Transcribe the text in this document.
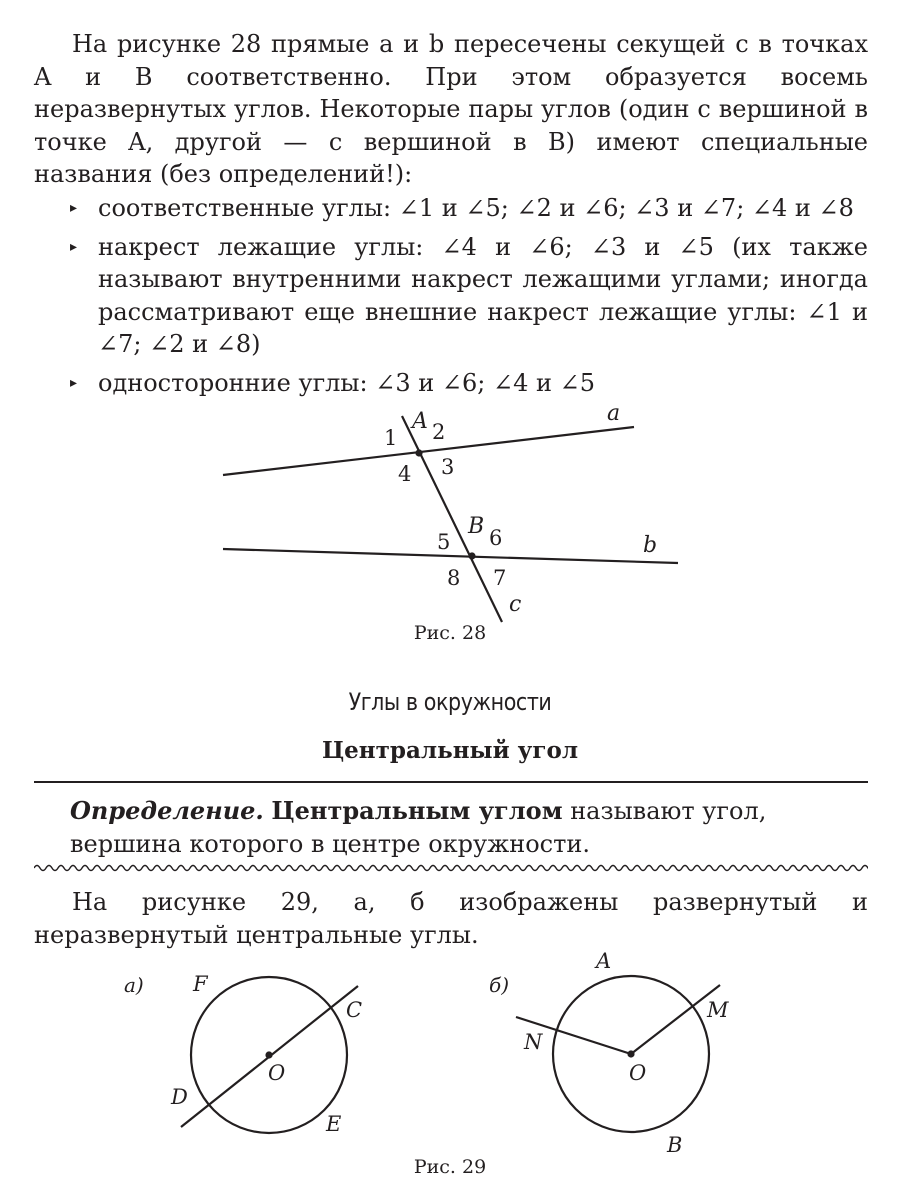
На рисунке 28 прямые a и b пересечены секущей c в точках A и B соответственно. При этом образуется восемь неразвернутых углов. Некоторые пары углов (один с вершиной в точке A, другой — с вершиной в B) имеют специальные названия (без определений!):
▸ соответственные углы: ∠1 и ∠5; ∠2 и ∠6; ∠3 и ∠7; ∠4 и ∠8
▸ накрест лежащие углы: ∠4 и ∠6; ∠3 и ∠5 (их также называют внутренними накрест лежащими углами; иногда рассматривают еще внешние накрест лежащие углы: ∠1 и ∠7; ∠2 и ∠8)
▸ односторонние углы: ∠3 и ∠6; ∠4 и ∠5
A
B
a
b
c
1 2
3
4
5 6
7
8
Рис. 28
Углы в окружности
Центральный угол
Определение. Центральным углом называют угол, вершина которого в центре окружности.
На рисунке 29, а, б изображены развернутый и неразвернутый центральные углы.
а) F
C
D
E
O
б)
A
M
N
B
O
Рис. 29
